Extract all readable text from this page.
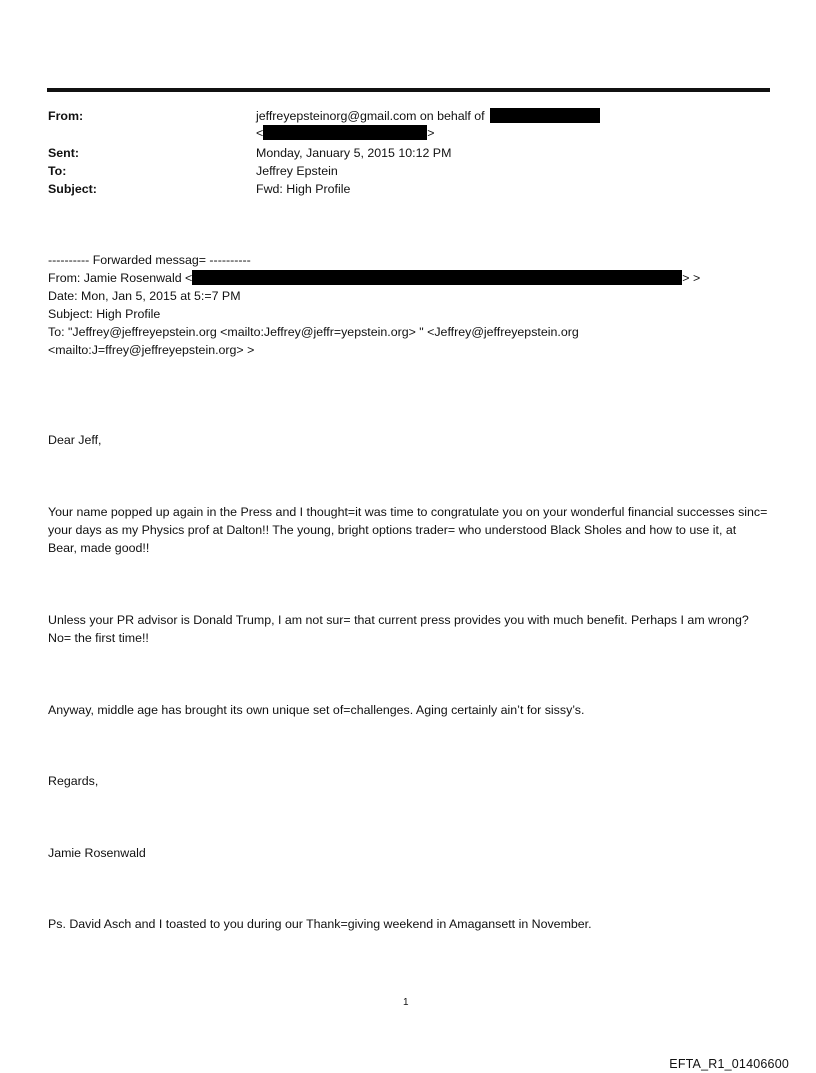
From:	jeffreyepsteinorg@gmail.com on behalf of
<	>
Sent:	Monday, January 5, 2015 10:12 PM
To:	Jeffrey Epstein
Subject:	Fwd: High Profile
---------- Forwarded messag= ----------
From: Jamie Rosenwald <	> >
Date: Mon, Jan 5, 2015 at 5:=7 PM
Subject: High Profile
To: "Jeffrey@jeffreyepstein.org <mailto:Jeffrey@jeffr=yepstein.org> " <Jeffrey@jeffreyepstein.org
<mailto:J=ffrey@jeffreyepstein.org> >
Dear Jeff,
Your name popped up again in the Press and I thought=it was time to congratulate you on your wonderful financial successes sinc= your days as my Physics prof at Dalton!! The young, bright options trader= who understood Black Sholes and how to use it, at Bear, made good!!
Unless your PR advisor is Donald Trump, I am not sur= that current press provides you with much benefit. Perhaps I am wrong? No= the first time!!
Anyway, middle age has brought its own unique set of=challenges. Aging certainly ain’t for sissy’s.
Regards,
Jamie Rosenwald
Ps. David Asch and I toasted to you during our Thank=giving weekend in Amagansett in November.
1
EFTA_R1_01406600
